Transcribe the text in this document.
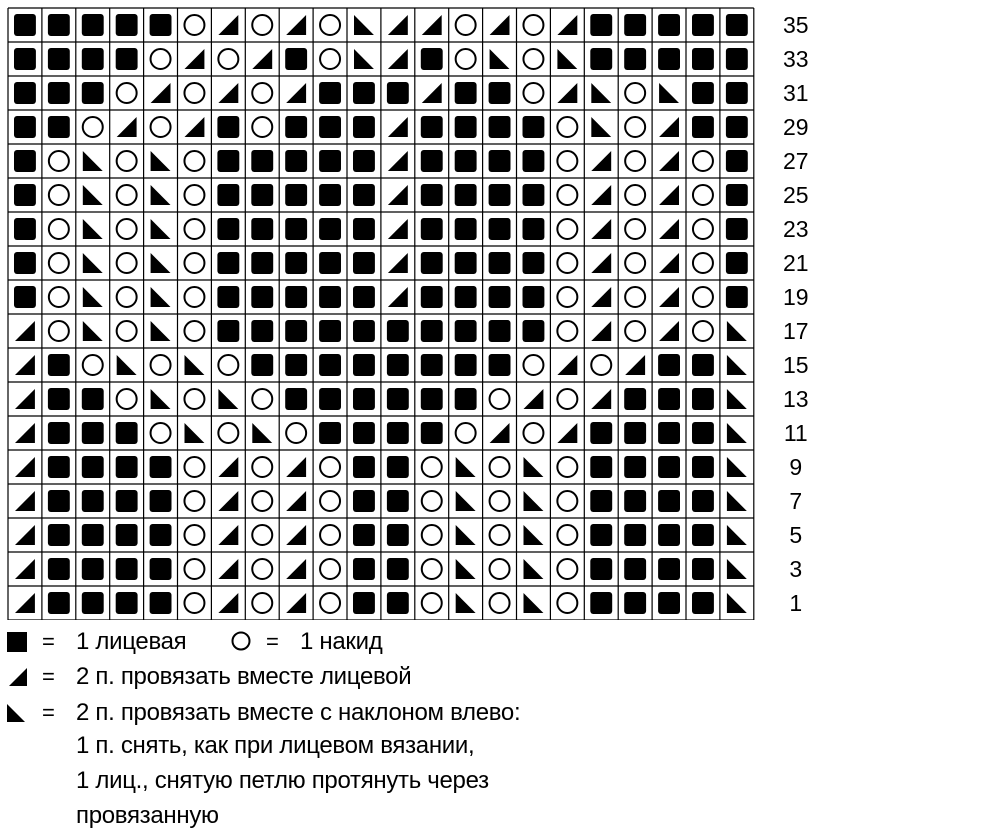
35
33
31
29
27
25
23
21
19
17
15
13
11
9
7
5
3
1
= 1 лицевая	= 1 накид
= 2 п. провязать вместе лицевой
= 2 п. провязать вместе с наклоном влево:
1 п. снять, как при лицевом вязании,
1 лиц., снятую петлю протянуть через
провязанную
